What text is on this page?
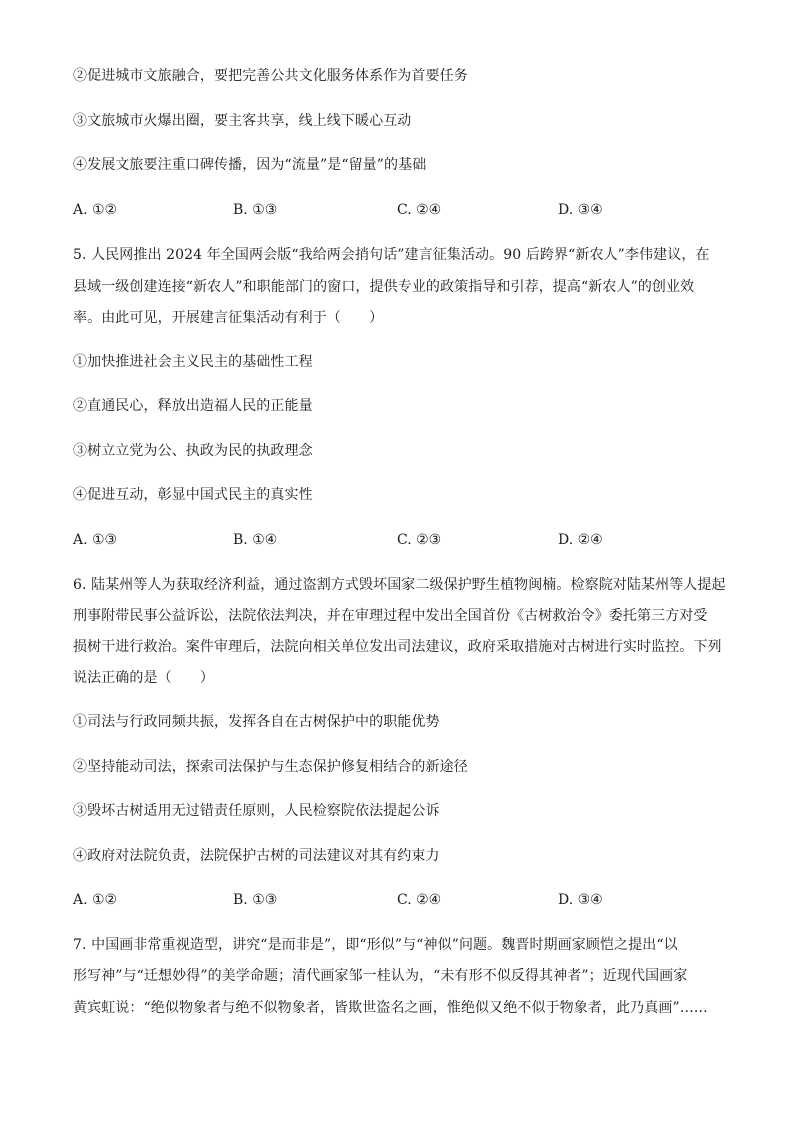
②促进城市文旅融合，要把完善公共文化服务体系作为首要任务
③文旅城市火爆出圈，要主客共享，线上线下暖心互动
④发展文旅要注重口碑传播，因为“流量”是“留量”的基础
A. ①②	B. ①③	C. ②④	D. ③④
5. 人民网推出 2024 年全国两会版“我给两会捎句话”建言征集活动。90 后跨界“新农人”李伟建议，在
县域一级创建连接“新农人”和职能部门的窗口，提供专业的政策指导和引荐，提高“新农人”的创业效
率。由此可见，开展建言征集活动有利于（　　）
①加快推进社会主义民主的基础性工程
②直通民心，释放出造福人民的正能量
③树立立党为公、执政为民的执政理念
④促进互动，彰显中国式民主的真实性
A. ①③	B. ①④	C. ②③	D. ②④
6. 陆某州等人为获取经济利益，通过盗割方式毁坏国家二级保护野生植物闽楠。检察院对陆某州等人提起
刑事附带民事公益诉讼，法院依法判决，并在审理过程中发出全国首份《古树救治令》委托第三方对受
损树干进行救治。案件审理后，法院向相关单位发出司法建议，政府采取措施对古树进行实时监控。下列
说法正确的是（　　）
①司法与行政同频共振，发挥各自在古树保护中的职能优势
②坚持能动司法，探索司法保护与生态保护修复相结合的新途径
③毁坏古树适用无过错责任原则，人民检察院依法提起公诉
④政府对法院负责，法院保护古树的司法建议对其有约束力
A. ①②	B. ①③	C. ②④	D. ③④
7. 中国画非常重视造型，讲究“是而非是”，即“形似”与“神似”问题。魏晋时期画家顾恺之提出“以
形写神”与“迁想妙得”的美学命题；清代画家邹一桂认为，“未有形不似反得其神者”；近现代国画家
黄宾虹说：“绝似物象者与绝不似物象者，皆欺世盗名之画，惟绝似又绝不似于物象者，此乃真画”……
